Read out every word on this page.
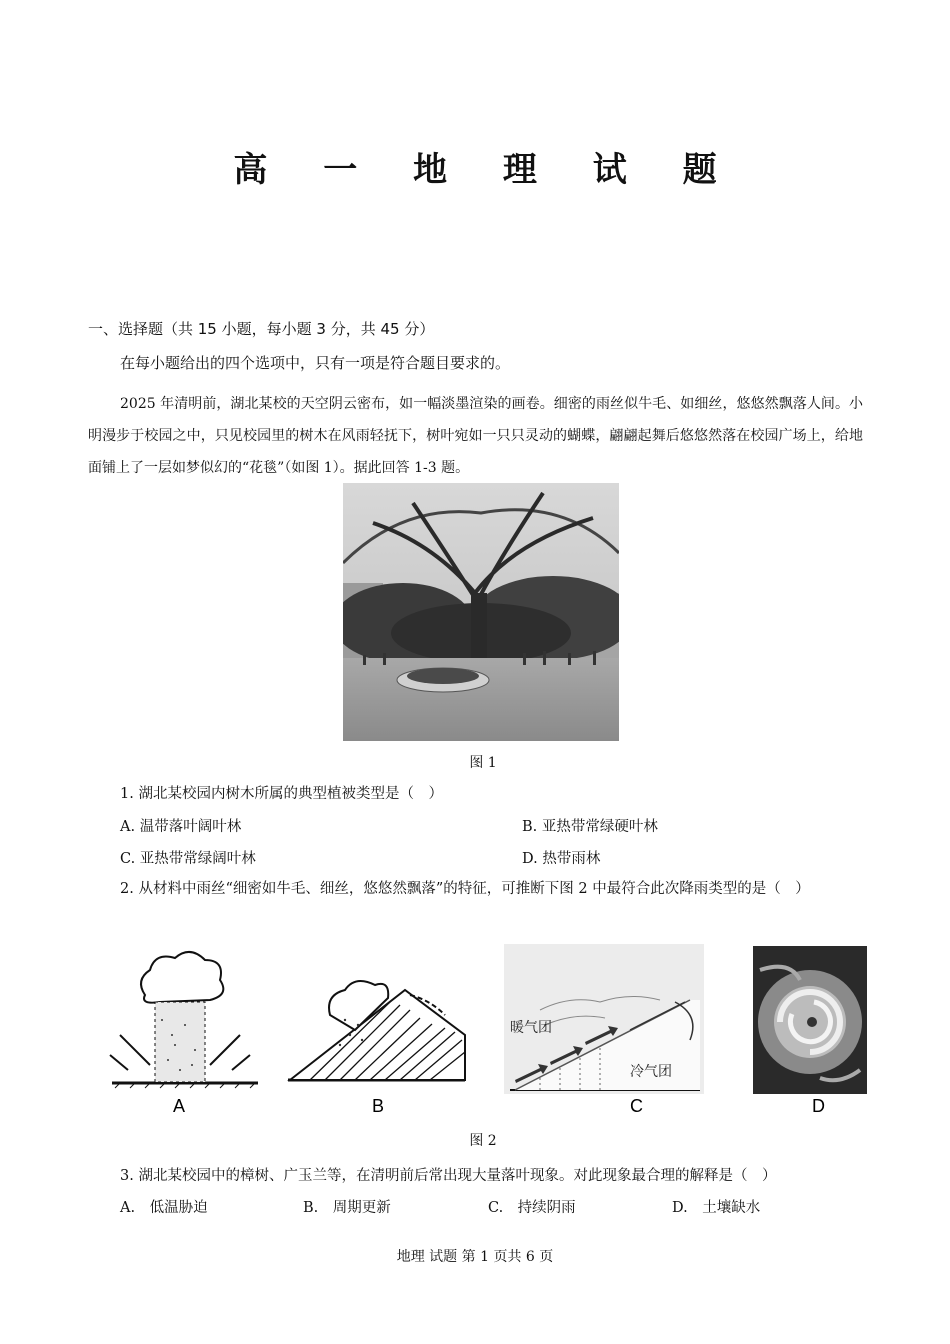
高 一 地 理 试 题
一、选择题（共 15 小题，每小题 3 分，共 45 分）
在每小题给出的四个选项中，只有一项是符合题目要求的。
2025 年清明前，湖北某校的天空阴云密布，如一幅淡墨渲染的画卷。细密的雨丝似牛毛、如细丝，悠悠然飘落人间。小明漫步于校园之中，只见校园里的树木在风雨轻抚下，树叶宛如一只只灵动的蝴蝶，翩翩起舞后悠悠然落在校园广场上，给地面铺上了一层如梦似幻的“花毯”（如图 1）。据此回答 1-3 题。
图 1
1. 湖北某校园内树木所属的典型植被类型是（　）
A. 温带落叶阔叶林	B. 亚热带常绿硬叶林
C. 亚热带常绿阔叶林	D. 热带雨林
2. 从材料中雨丝“细密如牛毛、细丝，悠悠然飘落”的特征，可推断下图 2 中最符合此次降雨类型的是（　）
A	B
暖气团
冷气团
C	D
图 2
3. 湖北某校园中的樟树、广玉兰等，在清明前后常出现大量落叶现象。对此现象最合理的解释是（　）
A.　低温胁迫	B.　周期更新	C.　持续阴雨	D.　土壤缺水
地理 试题 第 1 页共 6 页
